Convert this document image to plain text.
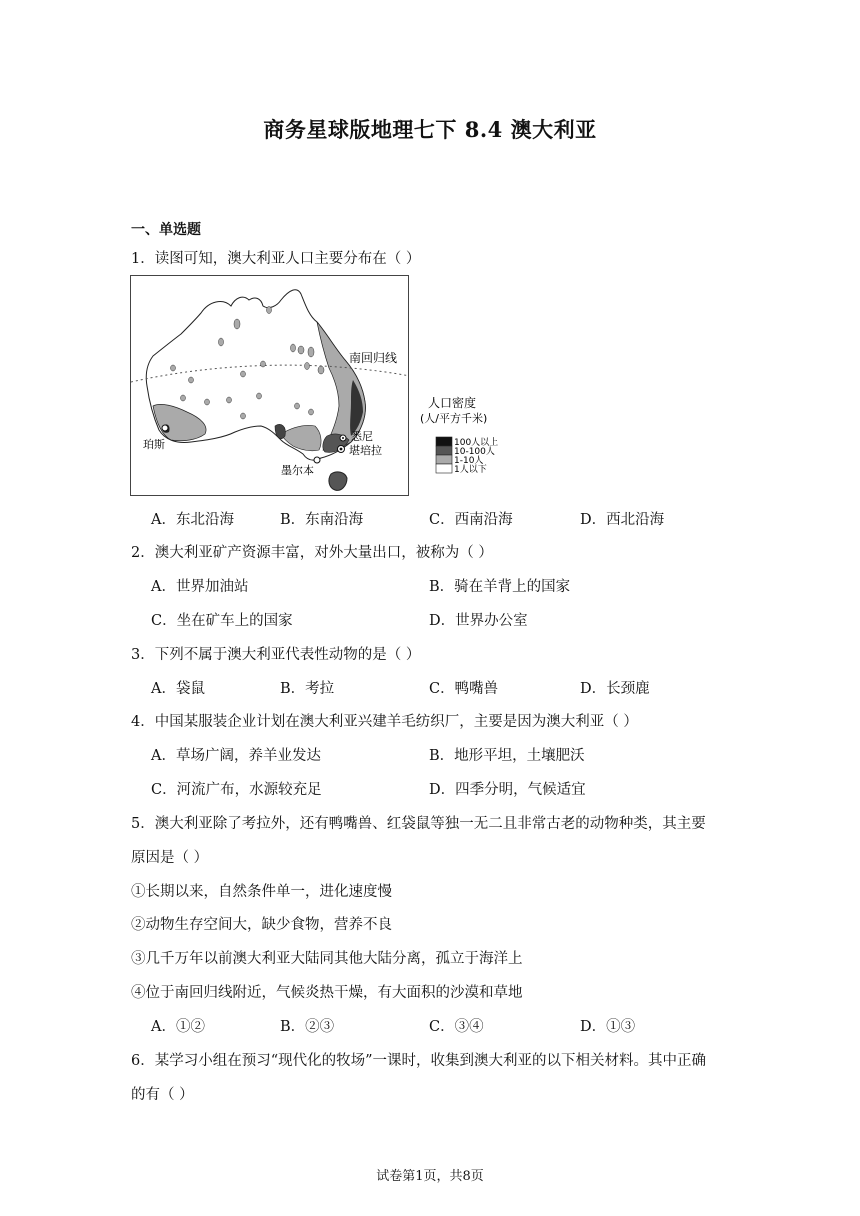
商务星球版地理七下 8.4 澳大利亚
一、单选题
1．读图可知，澳大利亚人口主要分布在（ ）
南回归线
珀斯
悉尼
堪培拉
墨尔本
人口密度
(人/平方千米)
100人以上
10-100人
1-10人
1人以下
A．东北沿海	B．东南沿海	C．西南沿海	D．西北沿海
2．澳大利亚矿产资源丰富，对外大量出口，被称为（ ）
A．世界加油站	B．骑在羊背上的国家
C．坐在矿车上的国家	D．世界办公室
3．下列不属于澳大利亚代表性动物的是（ ）
A．袋鼠	B．考拉	C．鸭嘴兽	D．长颈鹿
4．中国某服装企业计划在澳大利亚兴建羊毛纺织厂，主要是因为澳大利亚（ ）
A．草场广阔，养羊业发达	B．地形平坦，土壤肥沃
C．河流广布，水源较充足	D．四季分明，气候适宜
5．澳大利亚除了考拉外，还有鸭嘴兽、红袋鼠等独一无二且非常古老的动物种类，其主要
原因是（ ）
①长期以来，自然条件单一，进化速度慢
②动物生存空间大，缺少食物，营养不良
③几千万年以前澳大利亚大陆同其他大陆分离，孤立于海洋上
④位于南回归线附近，气候炎热干燥，有大面积的沙漠和草地
A．①②	B．②③	C．③④	D．①③
6．某学习小组在预习“现代化的牧场”一课时，收集到澳大利亚的以下相关材料。其中正确
的有（ ）
试卷第1页，共8页
